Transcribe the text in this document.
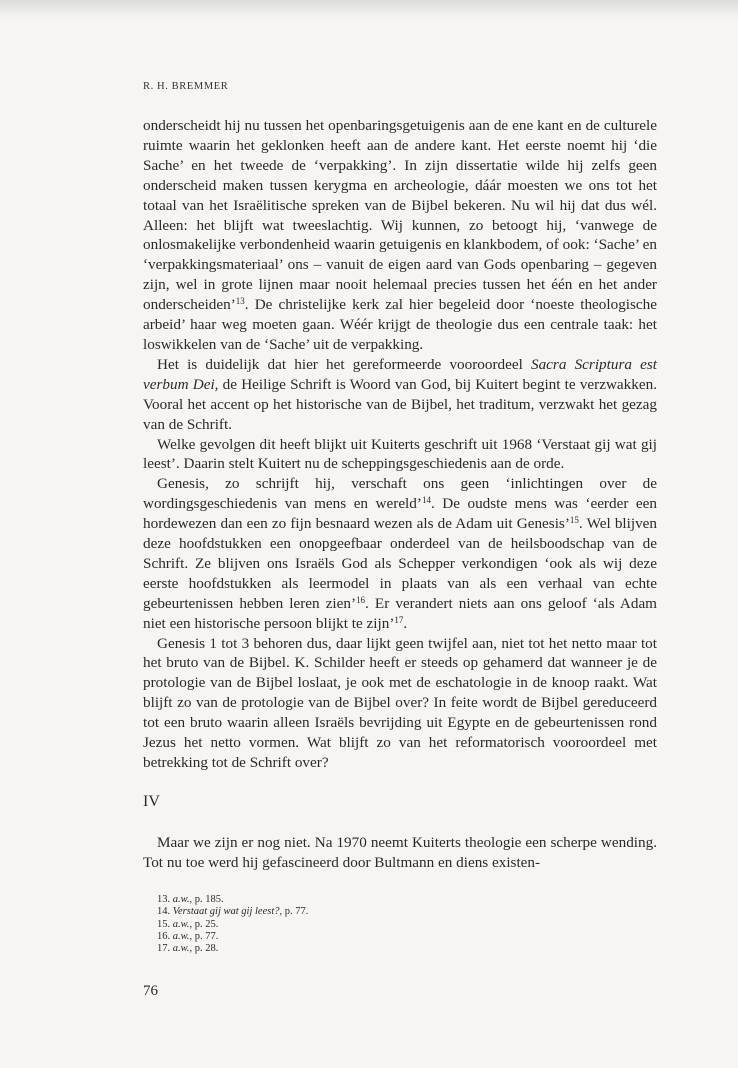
R. H. BREMMER

onderscheidt hij nu tussen het openbaringsgetuigenis aan de ene kant en de culturele ruimte waarin het geklonken heeft aan de andere kant. Het eerste noemt hij ‘die Sache’ en het tweede de ‘verpakking’. In zijn dissertatie wilde hij zelfs geen onderscheid maken tussen kerygma en archeologie, dáár moesten we ons tot het totaal van het Israëlitische spreken van de Bijbel bekeren. Nu wil hij dat dus wél. Alleen: het blijft wat tweeslachtig. Wij kunnen, zo betoogt hij, ‘vanwege de onlosmakelijke verbondenheid waarin getuigenis en klankbodem, of ook: ‘Sache’ en ‘verpakkingsmateriaal’ ons – vanuit de eigen aard van Gods openbaring – gegeven zijn, wel in grote lijnen maar nooit helemaal precies tussen het één en het ander onderscheiden’$^{13}$. De christelijke kerk zal hier begeleid door ‘noeste theologische arbeid’ haar weg moeten gaan. Wéér krijgt de theologie dus een centrale taak: het loswikkelen van de ‘Sache’ uit de verpakking.

Het is duidelijk dat hier het gereformeerde vooroordeel Sacra Scriptura est verbum Dei, de Heilige Schrift is Woord van God, bij Kuitert begint te verzwakken. Vooral het accent op het historische van de Bijbel, het traditum, verzwakt het gezag van de Schrift.

Welke gevolgen dit heeft blijkt uit Kuiterts geschrift uit 1968 ‘Verstaat gij wat gij leest’. Daarin stelt Kuitert nu de scheppingsgeschiedenis aan de orde.

Genesis, zo schrijft hij, verschaft ons geen ‘inlichtingen over de wordingsgeschiedenis van mens en wereld’$^{14}$. De oudste mens was ‘eerder een hordewezen dan een zo fijn besnaard wezen als de Adam uit Genesis’$^{15}$. Wel blijven deze hoofdstukken een onopgeefbaar onderdeel van de heilsboodschap van de Schrift. Ze blijven ons Israëls God als Schepper verkondigen ‘ook als wij deze eerste hoofdstukken als leermodel in plaats van als een verhaal van echte gebeurtenissen hebben leren zien’$^{16}$. Er verandert niets aan ons geloof ‘als Adam niet een historische persoon blijkt te zijn’$^{17}$.

Genesis 1 tot 3 behoren dus, daar lijkt geen twijfel aan, niet tot het netto maar tot het bruto van de Bijbel. K. Schilder heeft er steeds op gehamerd dat wanneer je de protologie van de Bijbel loslaat, je ook met de eschatologie in de knoop raakt. Wat blijft zo van de protologie van de Bijbel over? In feite wordt de Bijbel gereduceerd tot een bruto waarin alleen Israëls bevrijding uit Egypte en de gebeurtenissen rond Jezus het netto vormen. Wat blijft zo van het reformatorisch vooroordeel met betrekking tot de Schrift over?

IV

Maar we zijn er nog niet. Na 1970 neemt Kuiterts theologie een scherpe wending. Tot nu toe werd hij gefascineerd door Bultmann en diens existen-

13. a.w., p. 185.

14. Verstaat gij wat gij leest?, p. 77.

15. a.w., p. 25.

16. a.w., p. 77.

17. a.w., p. 28.

76
